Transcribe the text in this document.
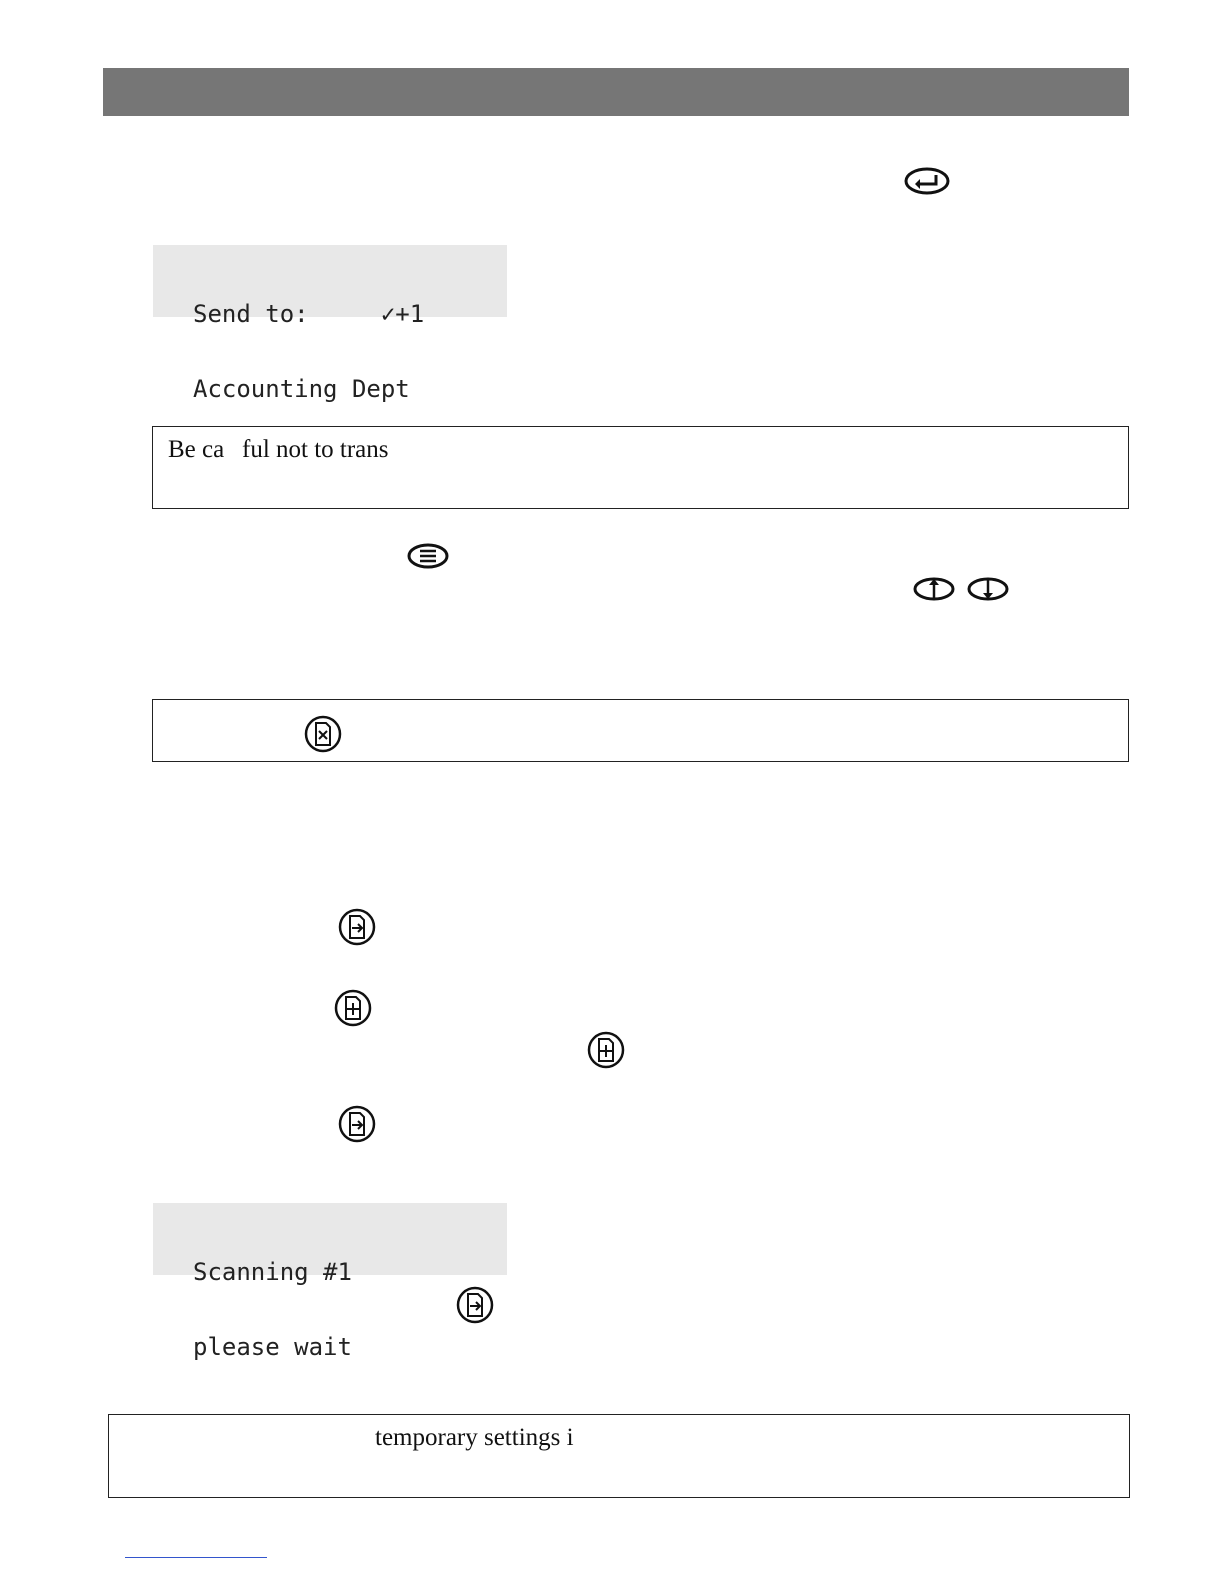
Send to:	✓+1

Accounting Dept

Be ca ful not to trans

Scanning #1

please wait

temporary settings i
